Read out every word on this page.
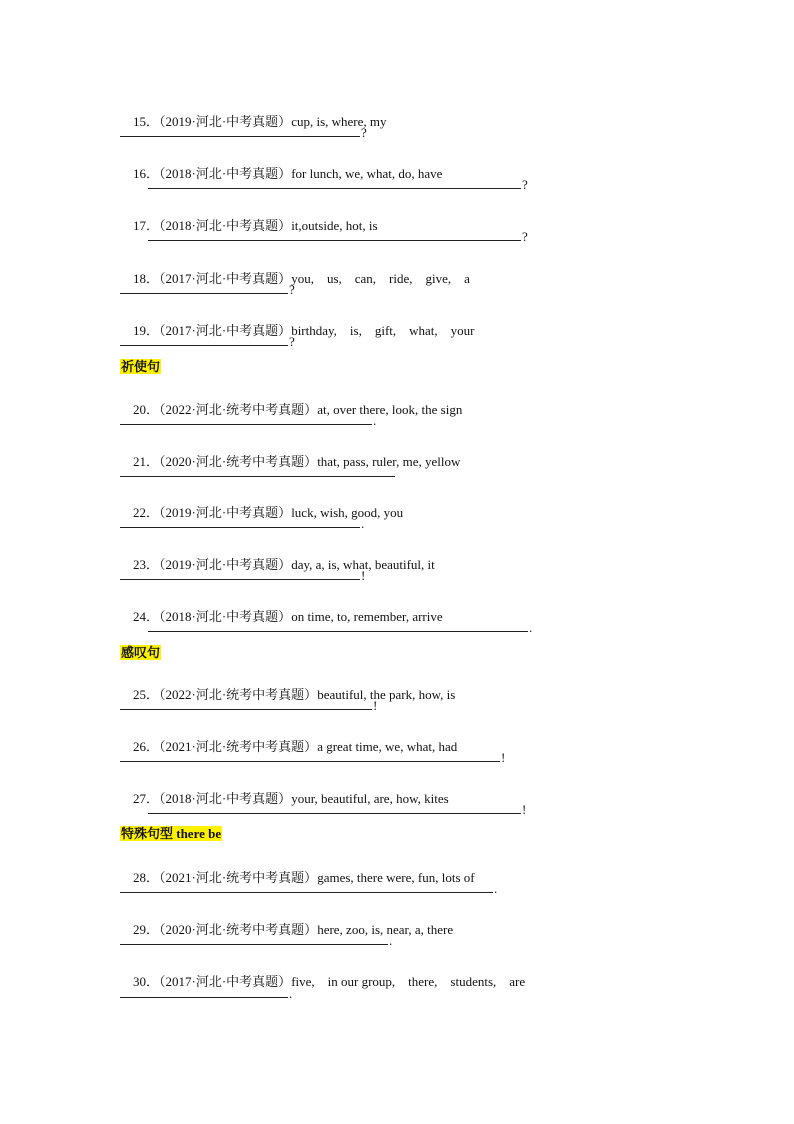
15．（2019·河北·中考真题）cup, is, where, my

?

16．（2018·河北·中考真题）for lunch, we, what, do, have

?

17．（2018·河北·中考真题）it,outside, hot, is

?

18．（2017·河北·中考真题）you,    us,    can,    ride,    give,    a

?

19．（2017·河北·中考真题）birthday,    is,    gift,    what,    your

?
祈使句

20．（2022·河北·统考中考真题）at, over there, look, the sign

.

21．（2020·河北·统考中考真题）that, pass, ruler, me, yellow

22．（2019·河北·中考真题）luck, wish, good, you

.

23．（2019·河北·中考真题）day, a, is, what, beautiful, it

!

24．（2018·河北·中考真题）on time, to, remember, arrive

.
感叹句

25．（2022·河北·统考中考真题）beautiful, the park, how, is

!

26．（2021·河北·统考中考真题）a great time, we, what, had

!

27．（2018·河北·中考真题）your, beautiful, are, how, kites

!
特殊句型 there be

28．（2021·河北·统考中考真题）games, there were, fun, lots of

.

29．（2020·河北·统考中考真题）here, zoo, is, near, a, there

.

30．（2017·河北·中考真题）five,    in our group,    there,    students,    are

.
